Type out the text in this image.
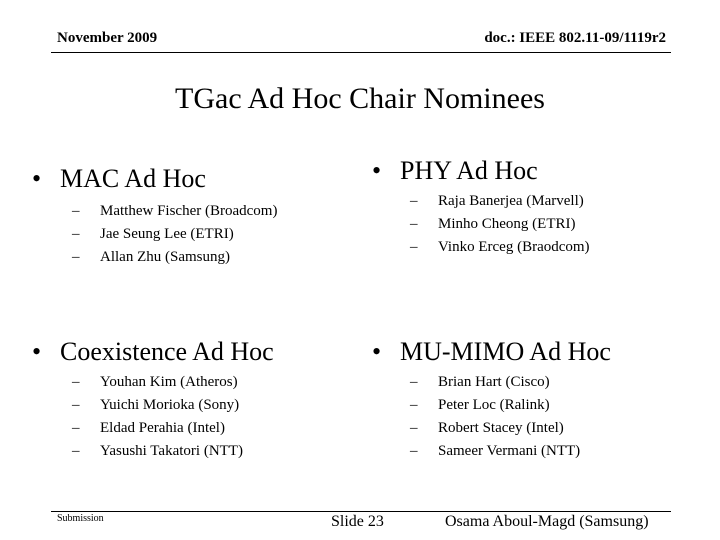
November 2009	doc.: IEEE 802.11-09/1119r2
TGac Ad Hoc Chair Nominees
• MAC Ad Hoc
– Matthew Fischer (Broadcom)
– Jae Seung Lee (ETRI)
– Allan Zhu (Samsung)
• PHY Ad Hoc
– Raja Banerjea (Marvell)
– Minho Cheong (ETRI)
– Vinko Erceg (Braodcom)
• Coexistence Ad Hoc
– Youhan Kim (Atheros)
– Yuichi Morioka (Sony)
– Eldad Perahia (Intel)
– Yasushi Takatori (NTT)
• MU-MIMO Ad Hoc
– Brian Hart (Cisco)
– Peter Loc (Ralink)
– Robert Stacey (Intel)
– Sameer Vermani (NTT)
Submission	Slide 23	Osama Aboul-Magd (Samsung)
